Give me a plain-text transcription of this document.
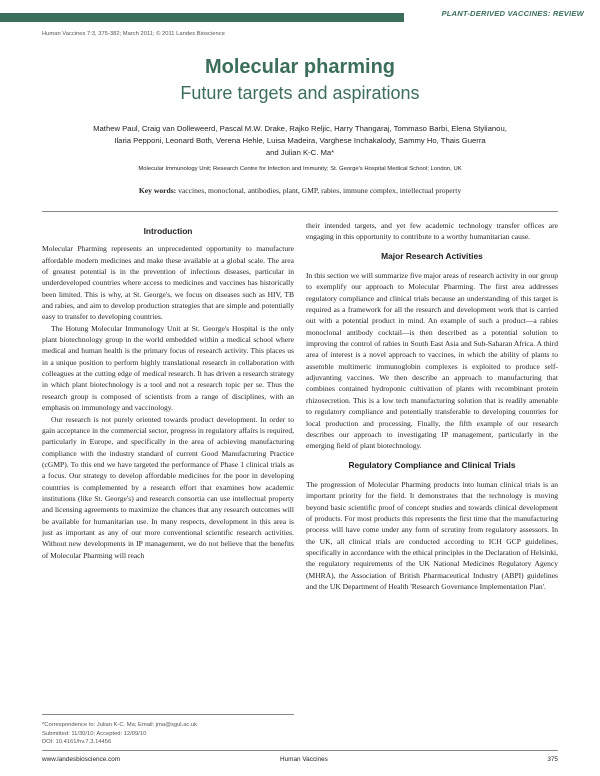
PLANT-DERIVED VACCINES: REVIEW
Human Vaccines 7:3, 375-382; March 2011; © 2011 Landes Bioscience
Molecular pharming
Future targets and aspirations
Mathew Paul, Craig van Dolleweerd, Pascal M.W. Drake, Rajko Reljic, Harry Thangaraj, Tommaso Barbi, Elena Stylianou,
Ilaria Pepponi, Leonard Both, Verena Hehle, Luisa Madeira, Varghese Inchakalody, Sammy Ho, Thais Guerra
and Julian K-C. Ma*
Molecular Immunology Unit; Research Centre for Infection and Immunity; St. George's Hospital Medical School; London, UK
Key words: vaccines, monoclonal, antibodies, plant, GMP, rabies, immune complex, intellectual property
Introduction

Molecular Pharming represents an unprecedented opportunity to manufacture affordable modern medicines and make these available at a global scale. The area of greatest potential is in the prevention of infectious diseases, particular in underdeveloped countries where access to medicines and vaccines has historically been limited. This is why, at St. George's, we focus on diseases such as HIV, TB and rabies, and aim to develop production strategies that are simple and potentially easy to transfer to developing countries.

The Hotung Molecular Immunology Unit at St. George's Hospital is the only plant biotechnology group in the world embedded within a medical school where medical and human health is the primary focus of research activity. This places us in a unique position to perform highly translational research in collaboration with colleagues at the cutting edge of medical research. It has driven a research strategy in which plant biotechnology is a tool and not a research topic per se. Thus the research group is composed of scientists from a range of disciplines, with an emphasis on immunology and vaccinology.

Our research is not purely oriented towards product development. In order to gain acceptance in the commercial sector, progress in regulatory affairs is required, particularly in Europe, and specifically in the area of achieving manufacturing compliance with the industry standard of current Good Manufacturing Practice (cGMP). To this end we have targeted the performance of Phase 1 clinical trials as a focus. Our strategy to develop affordable medicines for the poor in developing countries is complemented by a research effort that examines how academic institutions (like St. George's) and research consortia can use intellectual property and licensing agreements to maximize the chances that any research outcomes will be available for humanitarian use. In many respects, development in this area is just as important as any of our more conventional scientific research activities. Without new developments in IP management, we do not believe that the benefits of Molecular Pharming will reach

their intended targets, and yet few academic technology transfer offices are engaging in this opportunity to contribute to a worthy humanitarian cause.

Major Research Activities

In this section we will summarize five major areas of research activity in our group to exemplify our approach to Molecular Pharming. The first area addresses regulatory compliance and clinical trials because an understanding of this target is required as a framework for all the research and development work that is carried out with a potential product in mind. An example of such a product—a rabies monoclonal antibody cocktail—is then described as a potential solution to improving the control of rabies in South East Asia and Sub-Saharan Africa. A third area of interest is a novel approach to vaccines, in which the ability of plants to assemble multimeric immunoglobin complexes is exploited to produce self-adjuvanting vaccines. We then describe an approach to manufacturing that combines contained hydroponic cultivation of plants with recombinant protein rhizosecretion. This is a low tech manufacturing solution that is readily amenable to regulatory compliance and potentially transferable to developing countries for local production and processing. Finally, the fifth example of our research describes our approach to investigating IP management, particularly in the emerging field of plant biotechnology.

Regulatory Compliance and Clinical Trials

The progression of Molecular Pharming products into human clinical trials is an important priority for the field. It demonstrates that the technology is moving beyond basic scientific proof of concept studies and towards clinical development of products. For most products this represents the first time that the manufacturing process will have come under any form of scrutiny from regulatory assessors. In the UK, all clinical trials are conducted according to ICH GCP guidelines, specifically in accordance with the ethical principles in the Declaration of Helsinki, the regulatory requirements of the UK National Medicines Regulatory Agency (MHRA), the Association of British Pharmaceutical Industry (ABPI) guidelines and the UK Department of Health 'Research Governance Implementation Plan'.

*Correspondence to: Julian K-C. Ma; Email: jma@sgul.ac.uk
Submitted: 11/30/10; Accepted: 12/09/10
DOI: 10.4161/hv.7.3.14456
www.landesbioscience.com	Human Vaccines	375
